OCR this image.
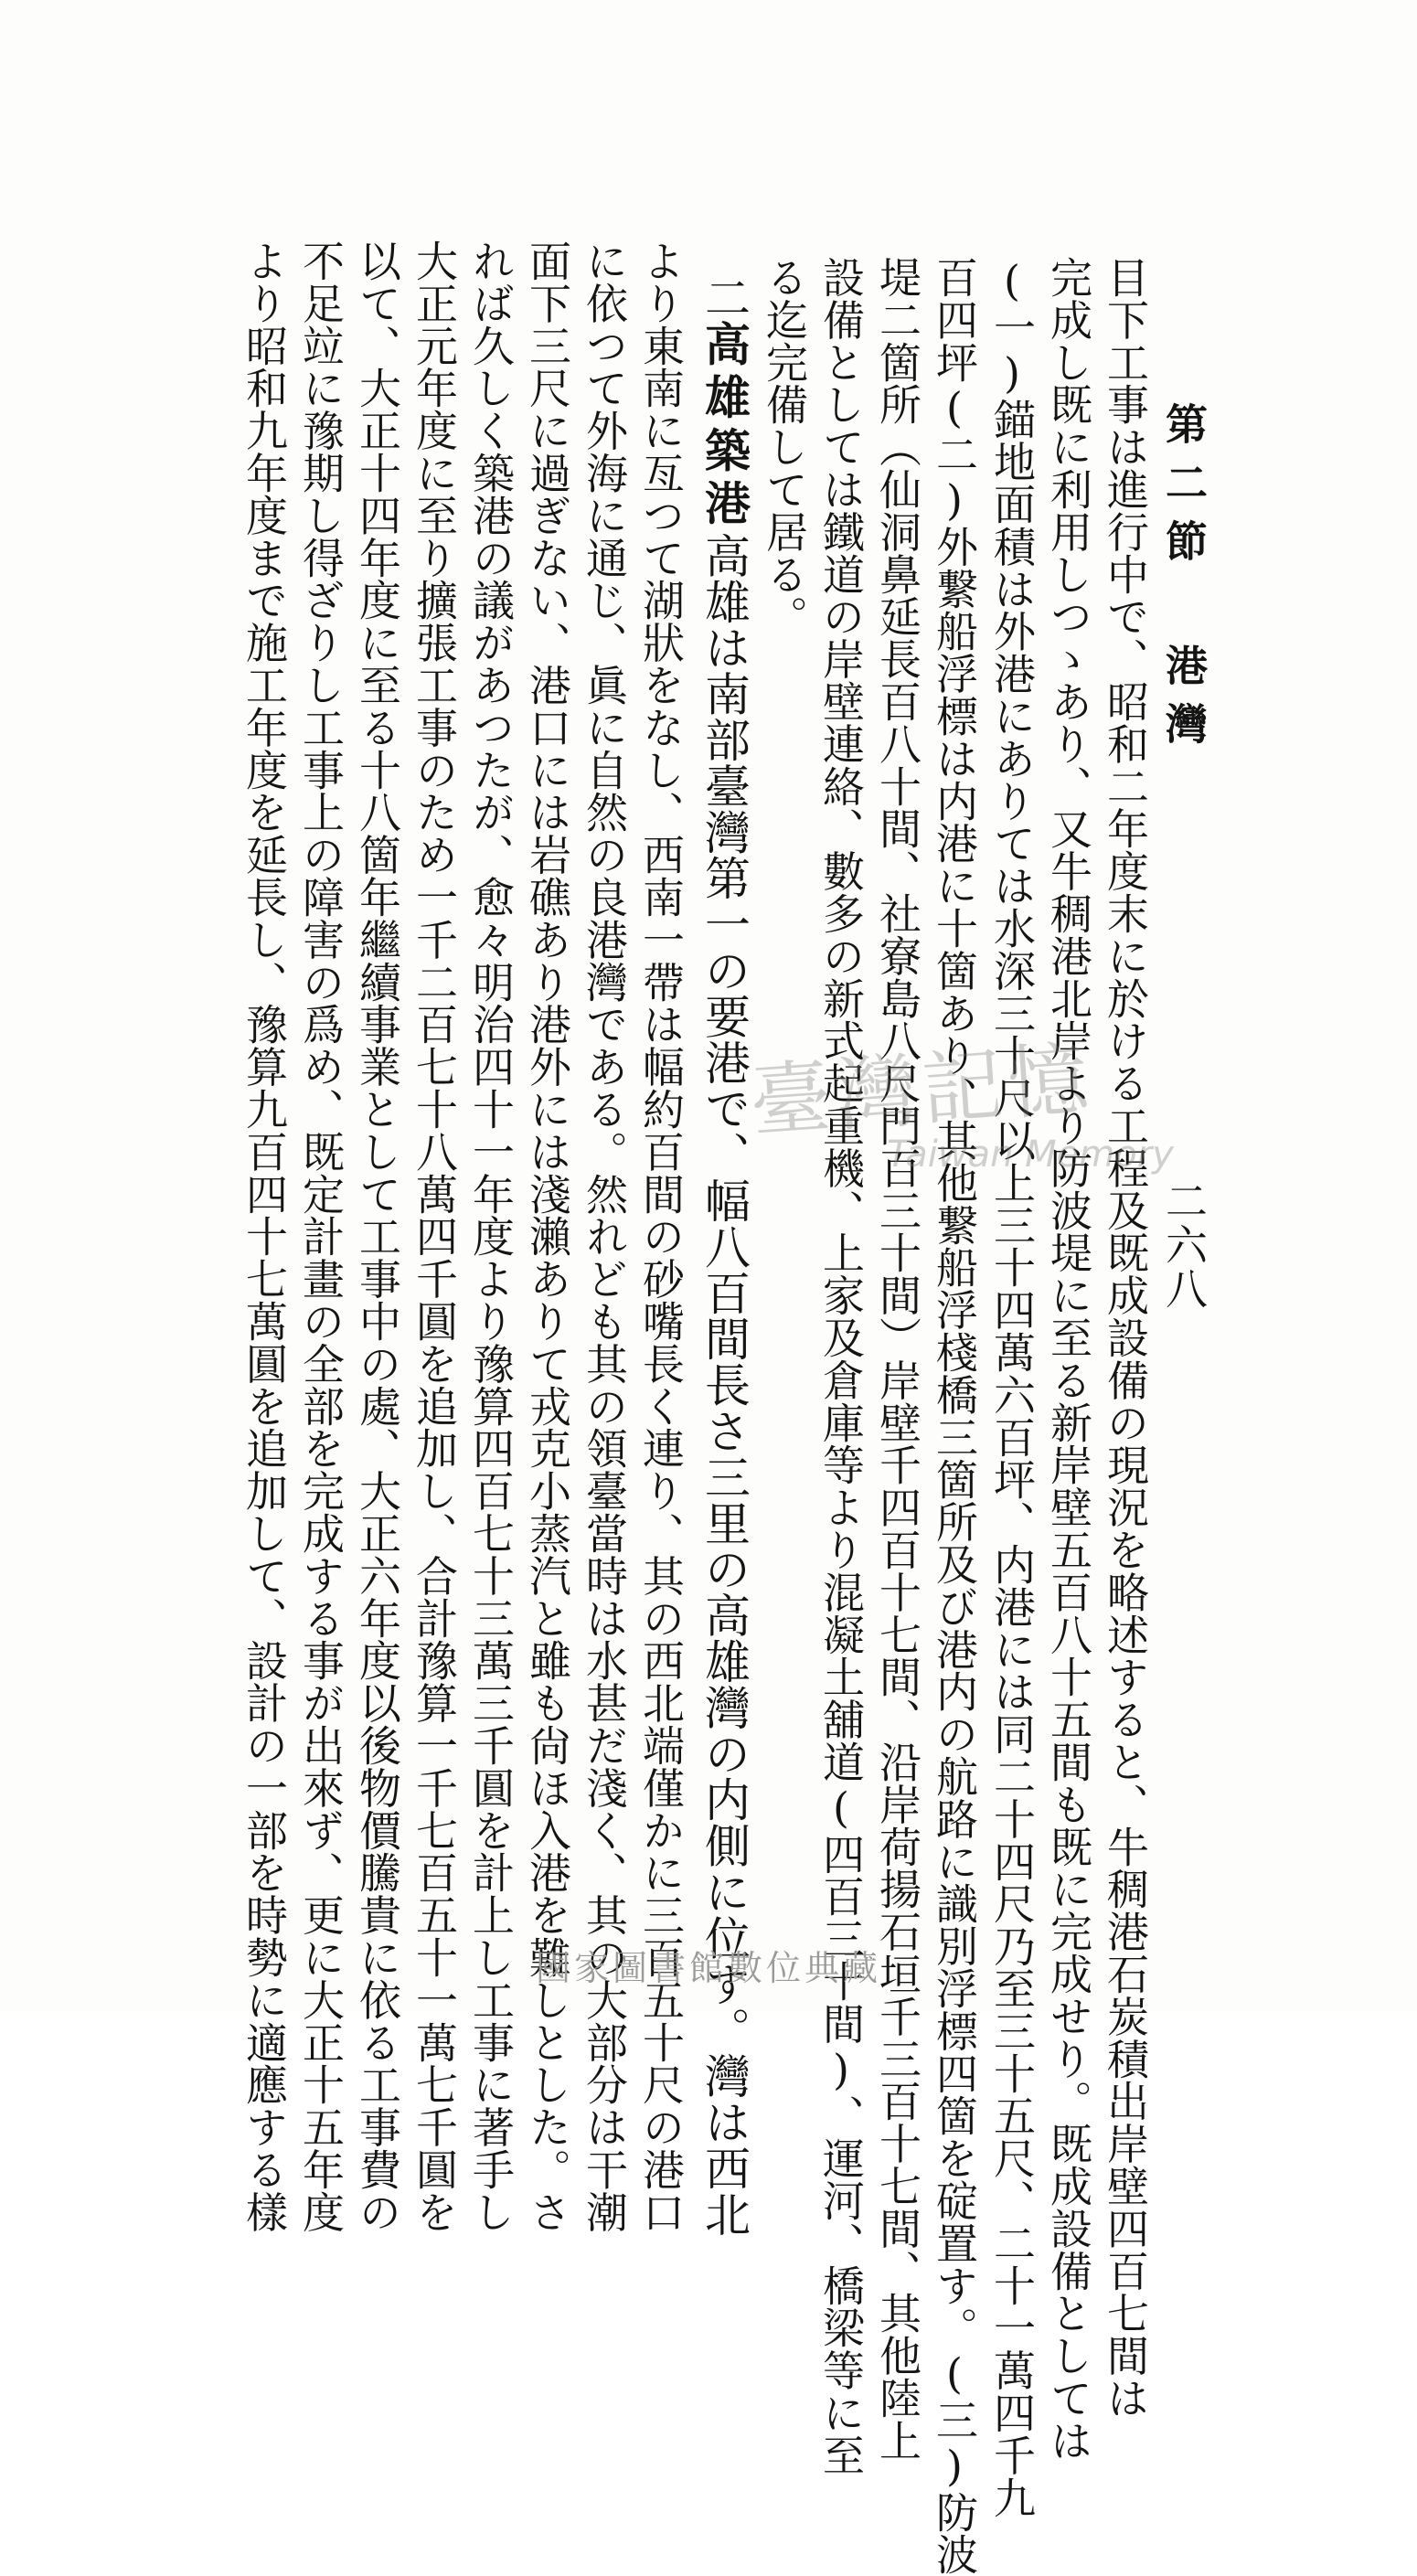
第二節 港灣
二六八
目下工事は進行中で、昭和二年度末に於ける工程及既成設備の現況を略述すると、牛稠港石炭積出岸壁四百七間は
完成し既に利用しつゝあり、又牛稠港北岸より防波堤に至る新岸壁五百八十五間も既に完成せり。既成設備としては
(一)錨地面積は外港にありては水深三十尺以上三十四萬六百坪、内港には同二十四尺乃至三十五尺、二十一萬四千九
百四坪(二)外繋船浮標は内港に十箇あり、其他繋船浮棧橋三箇所及び港内の航路に識別浮標四箇を碇置す。(三)防波
堤二箇所（仙洞鼻延長百八十間、社寮島八尺門百三十間）岸壁千四百十七間、沿岸荷揚石垣千三百十七間、其他陸上
設備としては鐵道の岸壁連絡、數多の新式起重機、上家及倉庫等より混凝土舖道(四百三十間)、運河、橋梁等に至
る迄完備して居る。
二高雄築港高雄は南部臺灣第一の要港で、幅八百間長さ三里の高雄灣の内側に位す。灣は西北
より東南に亙つて湖狀をなし、西南一帶は幅約百間の砂嘴長く連り、其の西北端僅かに三百五十尺の港口
に依つて外海に通じ、眞に自然の良港灣である。然れども其の領臺當時は水甚だ淺く、其の大部分は干潮
面下三尺に過ぎない、港口には岩礁あり港外には淺瀨ありて戎克小蒸汽と雖も尙ほ入港を難しとした。さ
れば久しく築港の議があつたが、愈々明治四十一年度より豫算四百七十三萬三千圓を計上し工事に著手し
大正元年度に至り擴張工事のため一千二百七十八萬四千圓を追加し、合計豫算一千七百五十一萬七千圓を
以て、大正十四年度に至る十八箇年繼續事業として工事中の處、大正六年度以後物價騰貴に依る工事費の
不足竝に豫期し得ざりし工事上の障害の爲め、既定計畫の全部を完成する事が出來ず、更に大正十五年度
より昭和九年度まで施工年度を延長し、豫算九百四十七萬圓を追加して、設計の一部を時勢に適應する樣	臺灣記憶
Taiwan Memory
國家圖書館數位典藏
